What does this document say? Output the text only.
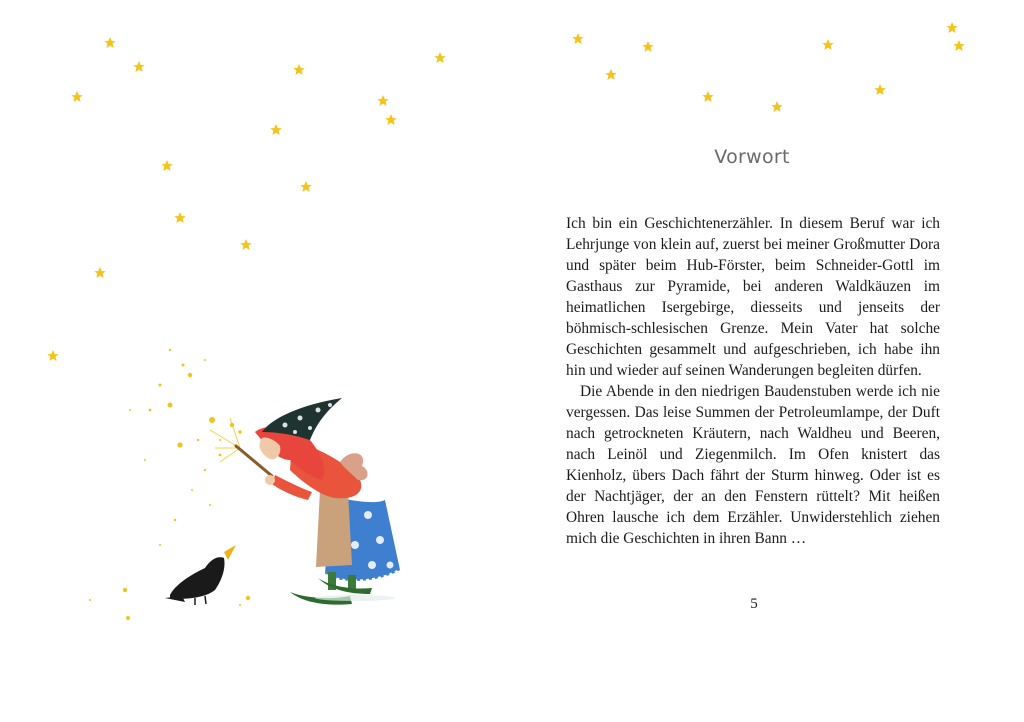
Vorwort

Ich bin ein Geschichtenerzähler. In diesem Beruf war ich Lehrjunge von klein auf, zuerst bei meiner Großmutter Dora und später beim Hub-Förster, beim Schneider-Gottl im Gasthaus zur Pyramide, bei anderen Waldkäuzen im heimatlichen Isergebirge, diesseits und jenseits der böhmisch-schlesischen Grenze. Mein Vater hat solche Geschichten gesammelt und aufgeschrieben, ich habe ihn hin und wieder auf seinen Wanderungen begleiten dürfen.

Die Abende in den niedrigen Baudenstuben werde ich nie vergessen. Das leise Summen der Petroleumlampe, der Duft nach getrockneten Kräutern, nach Waldheu und Beeren, nach Leinöl und Ziegenmilch. Im Ofen knistert das Kienholz, übers Dach fährt der Sturm hinweg. Oder ist es der Nachtjäger, der an den Fenstern rüttelt? Mit heißen Ohren lausche ich dem Erzähler. Unwiderstehlich ziehen mich die Geschichten in ihren Bann …

5
